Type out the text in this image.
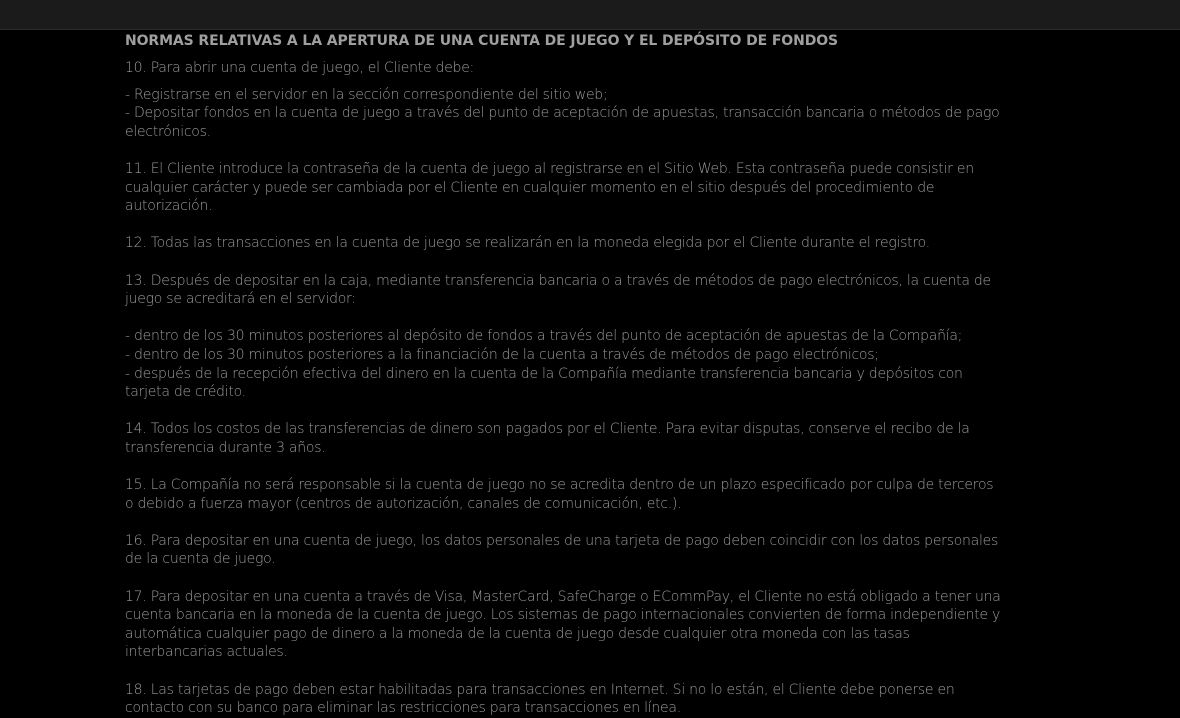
NORMAS RELATIVAS A LA APERTURA DE UNA CUENTA DE JUEGO Y EL DEPÓSITO DE FONDOS

10. Para abrir una cuenta de juego, el Cliente debe:

- Registrarse en el servidor en la sección correspondiente del sitio web;
- Depositar fondos en la cuenta de juego a través del punto de aceptación de apuestas, transacción bancaria o métodos de pago electrónicos.

11. El Cliente introduce la contraseña de la cuenta de juego al registrarse en el Sitio Web. Esta contraseña puede consistir en cualquier carácter y puede ser cambiada por el Cliente en cualquier momento en el sitio después del procedimiento de autorización.

12. Todas las transacciones en la cuenta de juego se realizarán en la moneda elegida por el Cliente durante el registro.

13. Después de depositar en la caja, mediante transferencia bancaria o a través de métodos de pago electrónicos, la cuenta de juego se acreditará en el servidor:

- dentro de los 30 minutos posteriores al depósito de fondos a través del punto de aceptación de apuestas de la Compañía;
- dentro de los 30 minutos posteriores a la financiación de la cuenta a través de métodos de pago electrónicos;
- después de la recepción efectiva del dinero en la cuenta de la Compañía mediante transferencia bancaria y depósitos con tarjeta de crédito.

14. Todos los costos de las transferencias de dinero son pagados por el Cliente. Para evitar disputas, conserve el recibo de la transferencia durante 3 años.

15. La Compañía no será responsable si la cuenta de juego no se acredita dentro de un plazo especificado por culpa de terceros o debido a fuerza mayor (centros de autorización, canales de comunicación, etc.).

16. Para depositar en una cuenta de juego, los datos personales de una tarjeta de pago deben coincidir con los datos personales de la cuenta de juego.

17. Para depositar en una cuenta a través de Visa, MasterCard, SafeCharge o ECommPay, el Cliente no está obligado a tener una cuenta bancaria en la moneda de la cuenta de juego. Los sistemas de pago internacionales convierten de forma independiente y automática cualquier pago de dinero a la moneda de la cuenta de juego desde cualquier otra moneda con las tasas interbancarias actuales.

18. Las tarjetas de pago deben estar habilitadas para transacciones en Internet. Si no lo están, el Cliente debe ponerse en contacto con su banco para eliminar las restricciones para transacciones en línea.
